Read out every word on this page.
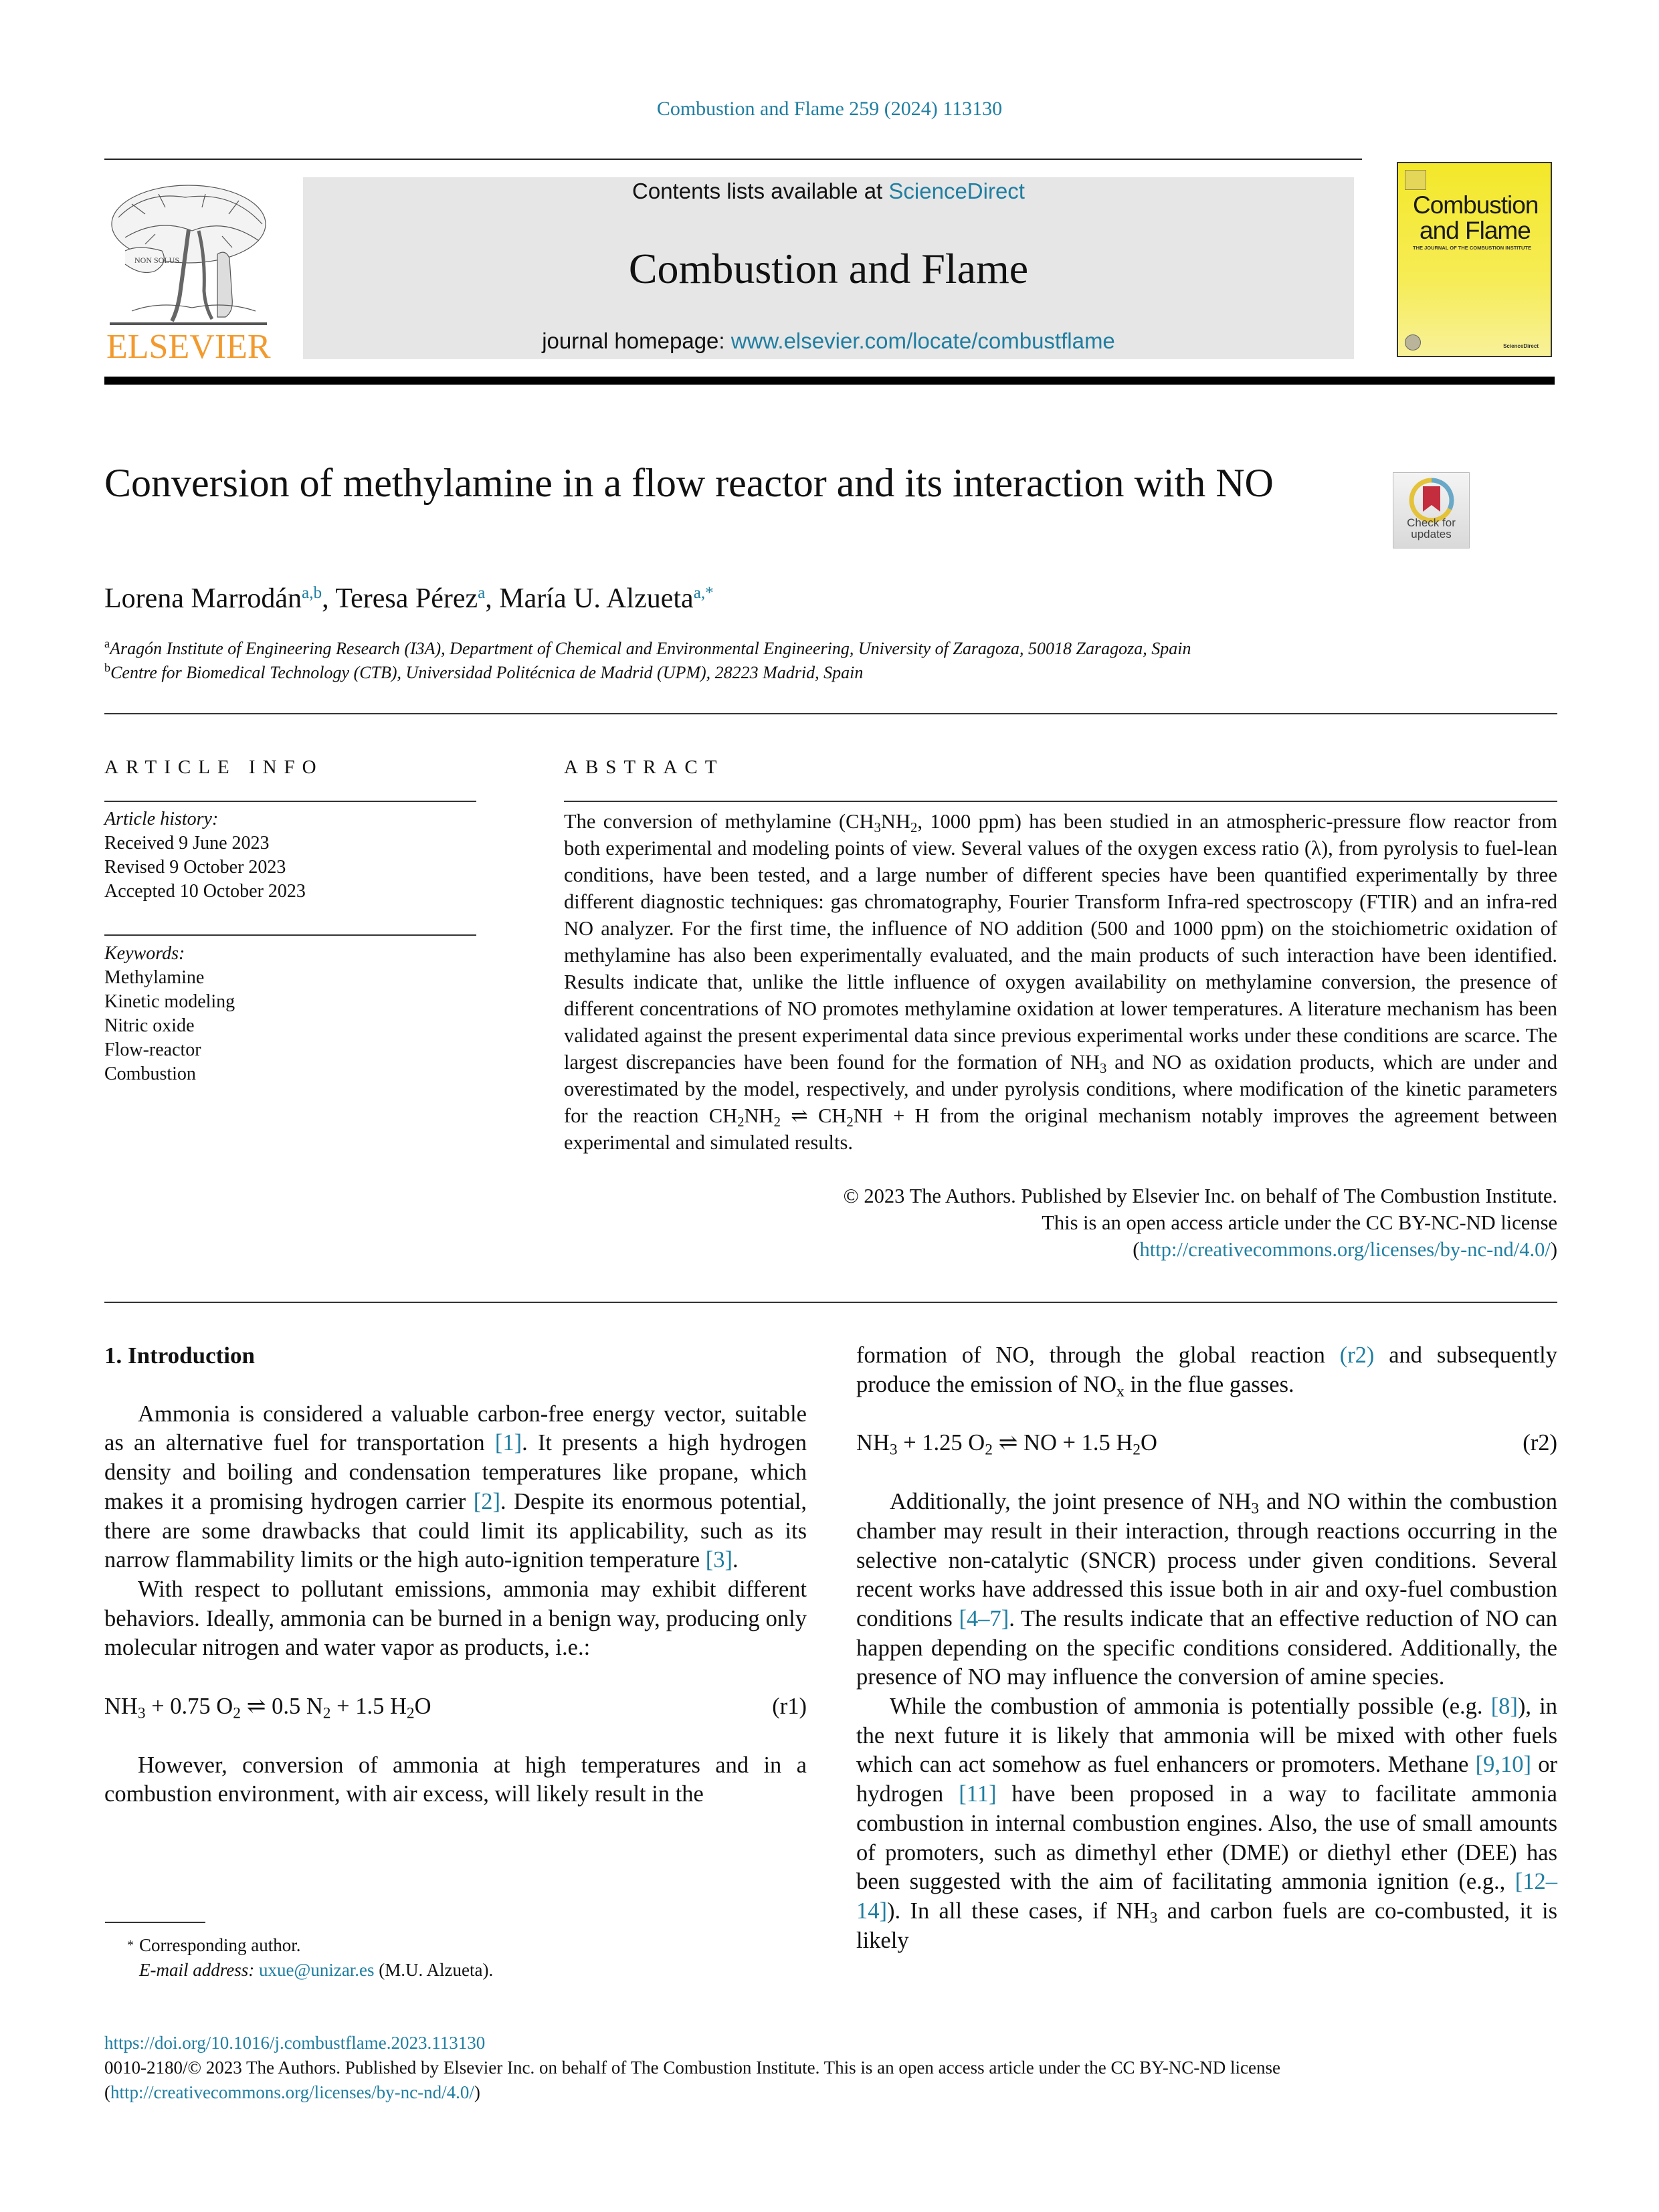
Combustion and Flame 259 (2024) 113130
NON SOLUS
ELSEVIER
Contents lists available at ScienceDirect
Combustion and Flame
journal homepage: www.elsevier.com/locate/combustflame
Combustion
and Flame
THE JOURNAL OF THE COMBUSTION INSTITUTE
ScienceDirect
Conversion of methylamine in a flow reactor and its interaction with NO
Check for
updates
Lorena Marrodán$^{a,b}$, Teresa Pérez$^a$, María U. Alzueta$^{a,*}$
$^a$Aragón Institute of Engineering Research (I3A), Department of Chemical and Environmental Engineering, University of Zaragoza, 50018 Zaragoza, Spain
$^b$Centre for Biomedical Technology (CTB), Universidad Politécnica de Madrid (UPM), 28223 Madrid, Spain
ARTICLE INFO
Article history:
Received 9 June 2023
Revised 9 October 2023
Accepted 10 October 2023
Keywords:
Methylamine
Kinetic modeling
Nitric oxide
Flow-reactor
Combustion
ABSTRACT
The conversion of methylamine ($CH_3NH_2$, 1000 ppm) has been studied in an atmospheric-pressure flow reactor from both experimental and modeling points of view. Several values of the oxygen excess ratio (λ), from pyrolysis to fuel-lean conditions, have been tested, and a large number of different species have been quantified experimentally by three different diagnostic techniques: gas chromatography, Fourier Transform Infra-red spectroscopy (FTIR) and an infra-red NO analyzer. For the first time, the influence of NO addition (500 and 1000 ppm) on the stoichiometric oxidation of methylamine has also been experimentally evaluated, and the main products of such interaction have been identified. Results indicate that, unlike the little influence of oxygen availability on methylamine conversion, the presence of different concentrations of NO promotes methylamine oxidation at lower temperatures. A literature mechanism has been validated against the present experimental data since previous experimental works under these conditions are scarce. The largest discrepancies have been found for the formation of $NH_3$ and NO as oxidation products, which are under and overestimated by the model, respectively, and under pyrolysis conditions, where modification of the kinetic parameters for the reaction $CH_2NH_2$ ⇌ $CH_2NH + H$ from the original mechanism notably improves the agreement between experimental and simulated results.
© 2023 The Authors. Published by Elsevier Inc. on behalf of The Combustion Institute.
This is an open access article under the CC BY-NC-ND license
(http://creativecommons.org/licenses/by-nc-nd/4.0/)
1. Introduction

Ammonia is considered a valuable carbon-free energy vector, suitable as an alternative fuel for transportation [1]. It presents a high hydrogen density and boiling and condensation temperatures like propane, which makes it a promising hydrogen carrier [2]. Despite its enormous potential, there are some drawbacks that could limit its applicability, such as its narrow flammability limits or the high auto-ignition temperature [3].

With respect to pollutant emissions, ammonia may exhibit different behaviors. Ideally, ammonia can be burned in a benign way, producing only molecular nitrogen and water vapor as products, i.e.:

$NH_3 + 0.75$ $O_2$ ⇌ 0.5 $N_2 + 1.5$ $H_2O$	(r1)

However, conversion of ammonia at high temperatures and in a combustion environment, with air excess, will likely result in the

formation of NO, through the global reaction (r2) and subsequently produce the emission of $NO_x$ in the flue gasses.

$NH_3 + 1.25$ $O_2$ ⇌ NO + 1.5 $H_2O$	(r2)

Additionally, the joint presence of $NH_3$ and NO within the combustion chamber may result in their interaction, through reactions occurring in the selective non-catalytic (SNCR) process under given conditions. Several recent works have addressed this issue both in air and oxy-fuel combustion conditions [4–7]. The results indicate that an effective reduction of NO can happen depending on the specific conditions considered. Additionally, the presence of NO may influence the conversion of amine species.

While the combustion of ammonia is potentially possible (e.g. [8]), in the next future it is likely that ammonia will be mixed with other fuels which can act somehow as fuel enhancers or promoters. Methane [9,10] or hydrogen [11] have been proposed in a way to facilitate ammonia combustion in internal combustion engines. Also, the use of small amounts of promoters, such as dimethyl ether (DME) or diethyl ether (DEE) has been suggested with the aim of facilitating ammonia ignition (e.g., [12–14]). In all these cases, if $NH_3$ and carbon fuels are co-combusted, it is likely

* Corresponding author.
E-mail address: uxue@unizar.es (M.U. Alzueta).
https://doi.org/10.1016/j.combustflame.2023.113130
0010-2180/© 2023 The Authors. Published by Elsevier Inc. on behalf of The Combustion Institute. This is an open access article under the CC BY-NC-ND license
(http://creativecommons.org/licenses/by-nc-nd/4.0/)
